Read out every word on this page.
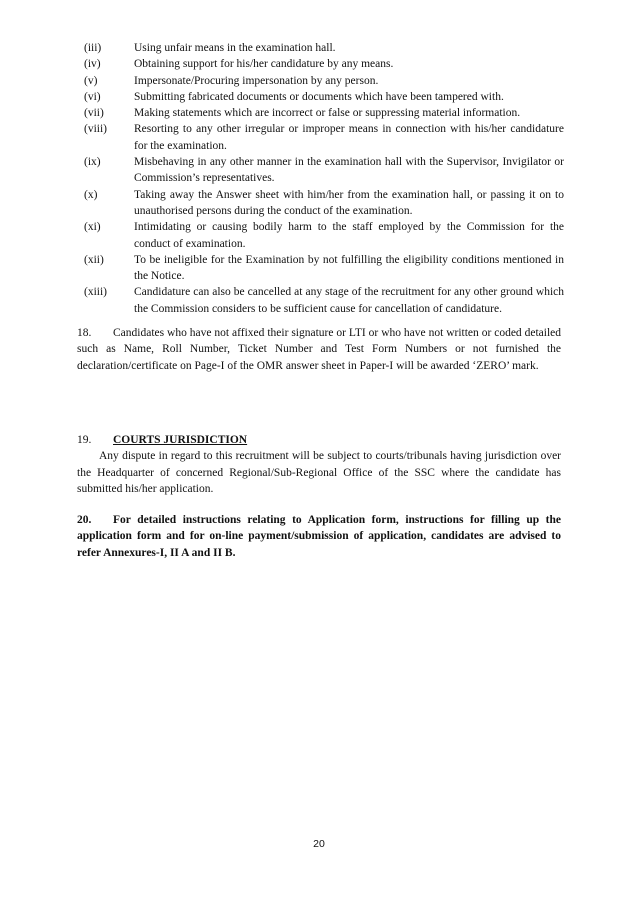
(iii)	Using unfair means in the examination hall.
(iv)	Obtaining support for his/her candidature by any means.
(v)	Impersonate/Procuring impersonation by any person.
(vi)	Submitting fabricated documents or documents which have been tampered with.
(vii)	Making statements which are incorrect or false or suppressing material information.
(viii)	Resorting to any other irregular or improper means in connection with his/her candidature for the examination.
(ix)	Misbehaving in any other manner in the examination hall with the Supervisor, Invigilator or Commission’s representatives.
(x)	Taking away the Answer sheet with him/her from the examination hall, or passing it on to unauthorised persons during the conduct of the examination.
(xi)	Intimidating or causing bodily harm to the staff employed by the Commission for the conduct of examination.
(xii)	To be ineligible for the Examination by not fulfilling the eligibility conditions mentioned in the Notice.
(xiii)	Candidature can also be cancelled at any stage of the recruitment for any other ground which the Commission considers to be sufficient cause for cancellation of candidature.

18. Candidates who have not affixed their signature or LTI or who have not written or coded detailed such as Name, Roll Number, Ticket Number and Test Form Numbers or not furnished the declaration/certificate on Page-I of the OMR answer sheet in Paper-I will be awarded ‘ZERO’ mark.

19. COURTS JURISDICTION
Any dispute in regard to this recruitment will be subject to courts/tribunals having jurisdiction over the Headquarter of concerned Regional/Sub-Regional Office of the SSC where the candidate has submitted his/her application.

20. For detailed instructions relating to Application form, instructions for filling up the application form and for on-line payment/submission of application, candidates are advised to refer Annexures-I, II A and II B.

20
